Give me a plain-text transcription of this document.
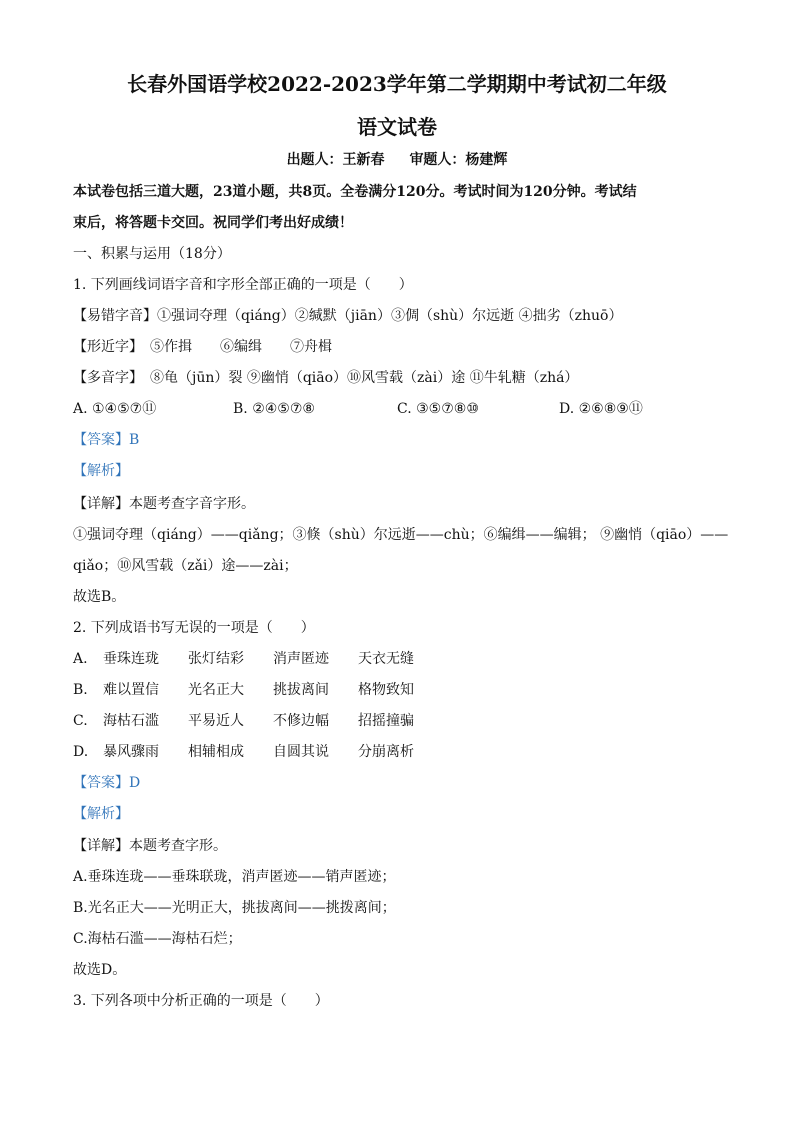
长春外国语学校2022-2023学年第二学期期中考试初二年级
语文试卷
出题人：王新春 审题人：杨建辉
本试卷包括三道大题，23道小题，共8页。全卷满分120分。考试时间为120分钟。考试结
束后，将答题卡交回。祝同学们考出好成绩！
一、积累与运用（18分）
1. 下列画线词语字音和字形全部正确的一项是（　　）
【易错字音】①强词夺理（qiáng）②缄默（jiān）③倜（shù）尔远逝 ④拙劣（zhuō）
【形近字】　⑤作揖　　⑥编缉　　⑦舟楫
【多音字】　⑧龟（jūn）裂 ⑨幽悄（qiāo）⑩风雪载（zài）途 ⑪牛轧糖（zhá）
A. ①④⑤⑦⑪	B. ②④⑤⑦⑧	C. ③⑤⑦⑧⑩	D. ②⑥⑧⑨⑪
【答案】B
【解析】
【详解】本题考查字音字形。
①强词夺理（qiáng）——qiǎng；③倏（shù）尔远逝——chù；⑥编缉——编辑； ⑨幽悄（qiāo）——
qiǎo；⑩风雪载（zǎi）途——zài；
故选B。
2. 下列成语书写无误的一项是（　　）
A. 垂珠连珑 张灯结彩 消声匿迹 天衣无缝
B. 难以置信 光名正大 挑拔离间 格物致知
C. 海枯石滥 平易近人 不修边幅 招摇撞骗
D. 暴风骤雨 相辅相成 自圆其说 分崩离析
【答案】D
【解析】
【详解】本题考查字形。
A.垂珠连珑——垂珠联珑，消声匿迹——销声匿迹；
B.光名正大——光明正大，挑拔离间——挑拨离间；
C.海枯石滥——海枯石烂；
故选D。
3. 下列各项中分析正确的一项是（　　）
